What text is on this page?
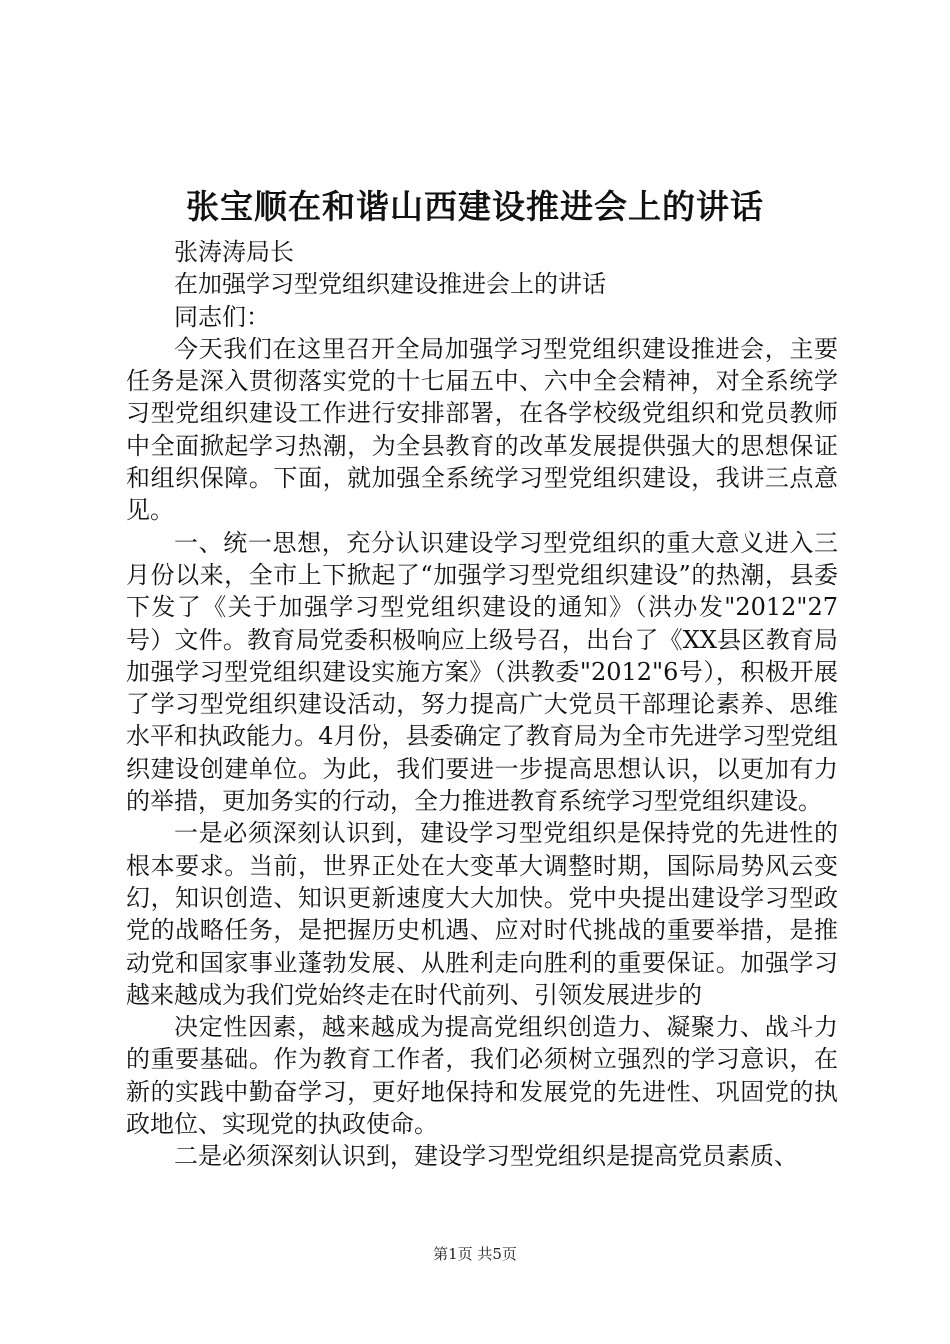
张宝顺在和谐山西建设推进会上的讲话

张涛涛局长

在加强学习型党组织建设推进会上的讲话

同志们：

今天我们在这里召开全局加强学习型党组织建设推进会，主要任务是深入贯彻落实党的十七届五中、六中全会精神，对全系统学习型党组织建设工作进行安排部署，在各学校级党组织和党员教师中全面掀起学习热潮，为全县教育的改革发展提供强大的思想保证和组织保障。下面，就加强全系统学习型党组织建设，我讲三点意见。

一、统一思想，充分认识建设学习型党组织的重大意义进入三月份以来，全市上下掀起了“加强学习型党组织建设”的热潮，县委下发了《关于加强学习型党组织建设的通知》（洪办发"2012"27号）文件。教育局党委积极响应上级号召，出台了《XX县区教育局加强学习型党组织建设实施方案》（洪教委"2012"6号），积极开展了学习型党组织建设活动，努力提高广大党员干部理论素养、思维水平和执政能力。4月份，县委确定了教育局为全市先进学习型党组织建设创建单位。为此，我们要进一步提高思想认识，以更加有力的举措，更加务实的行动，全力推进教育系统学习型党组织建设。

一是必须深刻认识到，建设学习型党组织是保持党的先进性的根本要求。当前，世界正处在大变革大调整时期，国际局势风云变幻，知识创造、知识更新速度大大加快。党中央提出建设学习型政党的战略任务，是把握历史机遇、应对时代挑战的重要举措，是推动党和国家事业蓬勃发展、从胜利走向胜利的重要保证。加强学习越来越成为我们党始终走在时代前列、引领发展进步的

决定性因素，越来越成为提高党组织创造力、凝聚力、战斗力的重要基础。作为教育工作者，我们必须树立强烈的学习意识，在新的实践中勤奋学习，更好地保持和发展党的先进性、巩固党的执政地位、实现党的执政使命。

二是必须深刻认识到，建设学习型党组织是提高党员素质、

第1页 共5页
